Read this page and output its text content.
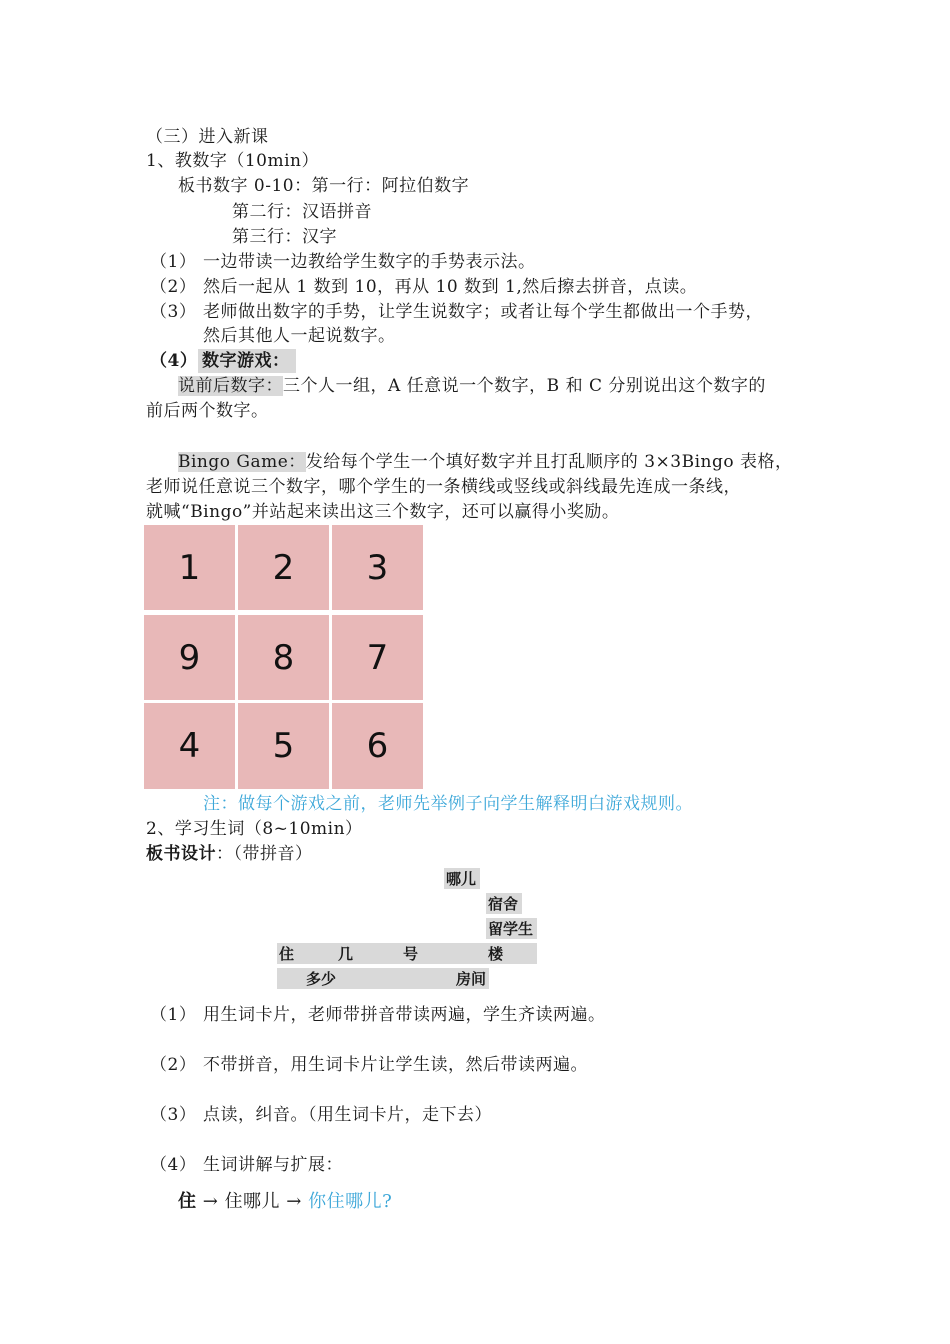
（三）进入新课
1、教数字（10min）
板书数字 0-10：第一行：阿拉伯数字
第二行：汉语拼音
第三行：汉字
（1） 一边带读一边教给学生数字的手势表示法。
（2） 然后一起从 1 数到 10，再从 10 数到 1,然后擦去拼音，点读。
（3） 老师做出数字的手势，让学生说数字；或者让每个学生都做出一个手势，
然后其他人一起说数字。
（4） 数字游戏：
说前后数字：三个人一组，A 任意说一个数字，B 和 C 分别说出这个数字的
前后两个数字。
Bingo Game：发给每个学生一个填好数字并且打乱顺序的 3×3Bingo 表格，
老师说任意说三个数字，哪个学生的一条横线或竖线或斜线最先连成一条线，
就喊“Bingo”并站起来读出这三个数字，还可以赢得小奖励。
1	2	3
9	8	7
4	5	6
注：做每个游戏之前，老师先举例子向学生解释明白游戏规则。
2、学习生词（8~10min）
板书设计：（带拼音）
哪儿
宿舍
留学生
住	几	号	楼
多少	房间
（1） 用生词卡片，老师带拼音带读两遍，学生齐读两遍。
（2） 不带拼音，用生词卡片让学生读，然后带读两遍。
（3） 点读，纠音。（用生词卡片，走下去）
（4） 生词讲解与扩展：
住 → 住哪儿 → 你住哪儿?
